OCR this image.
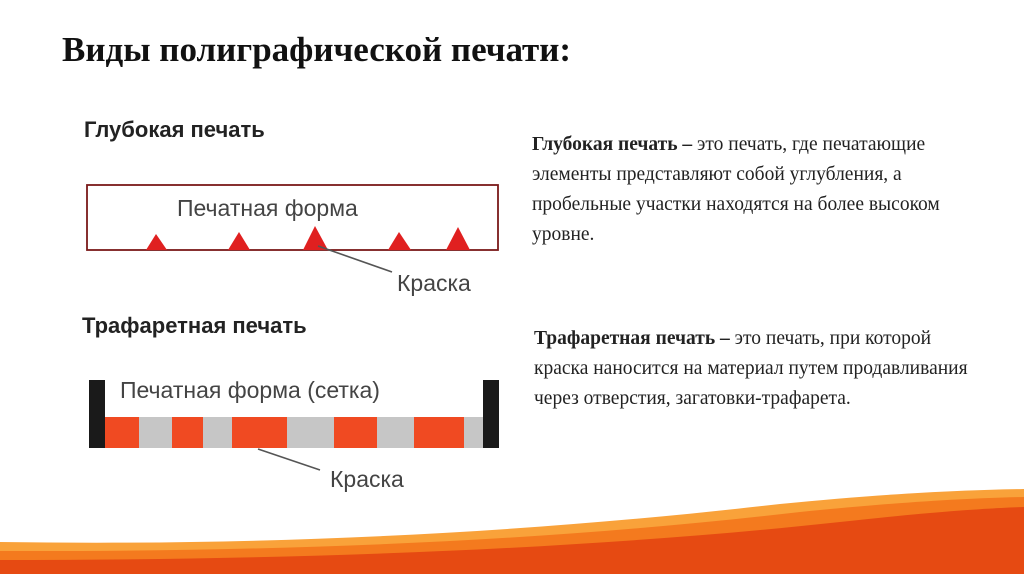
Виды полиграфической печати:
Глубокая печать
Печатная форма
Краска
Трафаретная печать
Печатная форма (сетка)
Краска
Глубокая печать – это печать, где печатающие элементы представляют собой углубления, а пробельные участки находятся на более высоком уровне.
Трафаретная печать – это печать, при которой краска наносится на материал путем продавливания через отверстия, загатовки-трафарета.
